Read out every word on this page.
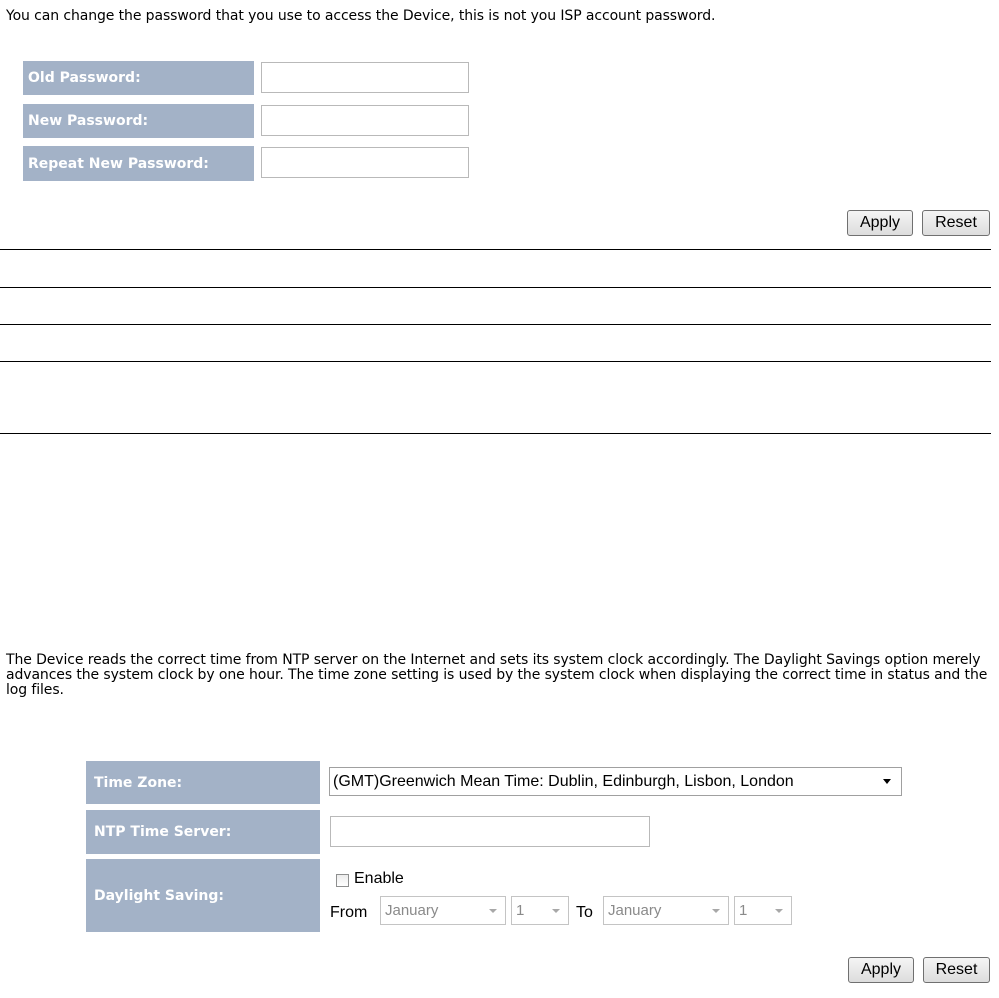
You can change the password that you use to access the Device, this is not you ISP account password.
Old Password:
New Password:
Repeat New Password:
Apply	Reset
The Device reads the correct time from NTP server on the Internet and sets its system clock accordingly. The Daylight Savings option merely advances the system clock by one hour. The time zone setting is used by the system clock when displaying the correct time in status and the log files.
Time Zone:	(GMT)Greenwich Mean Time: Dublin, Edinburgh, Lisbon, London
NTP Time Server:
Daylight Saving:
Enable
From January	1	To January	1
Apply	Reset
